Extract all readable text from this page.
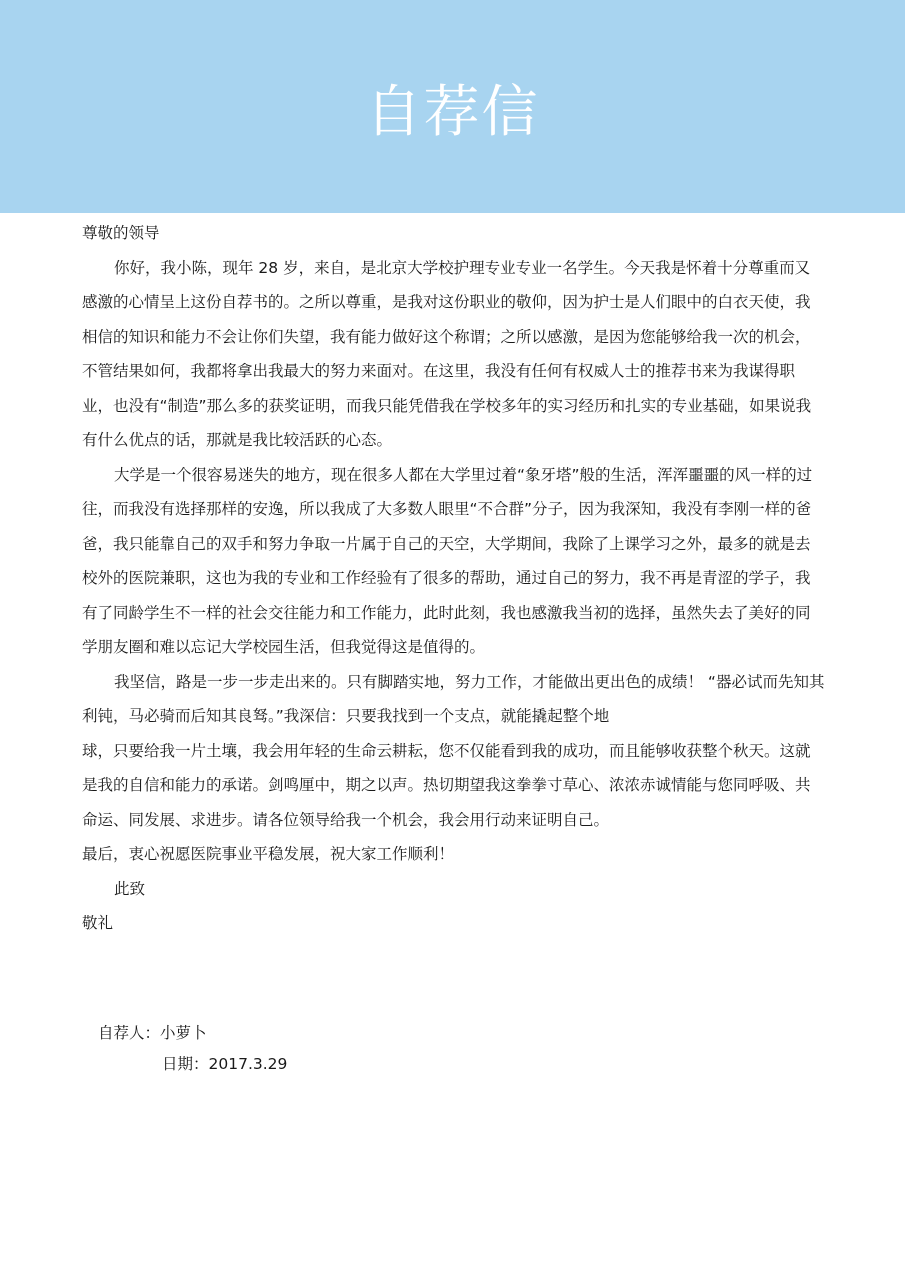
自荐信

尊敬的领导

你好，我小陈，现年 28 岁，来自，是北京大学校护理专业专业一名学生。今天我是怀着十分尊重而又感激的心情呈上这份自荐书的。之所以尊重，是我对这份职业的敬仰，因为护士是人们眼中的白衣天使，我相信的知识和能力不会让你们失望，我有能力做好这个称谓；之所以感激，是因为您能够给我一次的机会，不管结果如何，我都将拿出我最大的努力来面对。在这里，我没有任何有权威人士的推荐书来为我谋得职业，也没有“制造”那么多的获奖证明，而我只能凭借我在学校多年的实习经历和扎实的专业基础，如果说我有什么优点的话，那就是我比较活跃的心态。

大学是一个很容易迷失的地方，现在很多人都在大学里过着“象牙塔”般的生活，浑浑噩噩的风一样的过往，而我没有选择那样的安逸，所以我成了大多数人眼里“不合群”分子，因为我深知，我没有李刚一样的爸爸，我只能靠自己的双手和努力争取一片属于自己的天空，大学期间，我除了上课学习之外，最多的就是去校外的医院兼职，这也为我的专业和工作经验有了很多的帮助，通过自己的努力，我不再是青涩的学子，我有了同龄学生不一样的社会交往能力和工作能力，此时此刻，我也感激我当初的选择，虽然失去了美好的同学朋友圈和难以忘记大学校园生活，但我觉得这是值得的。

我坚信，路是一步一步走出来的。只有脚踏实地，努力工作，才能做出更出色的成绩！ “器必试而先知其利钝，马必骑而后知其良驽。”我深信：只要我找到一个支点，就能撬起整个地

球，只要给我一片土壤，我会用年轻的生命云耕耘，您不仅能看到我的成功，而且能够收获整个秋天。这就是我的自信和能力的承诺。剑鸣厘中，期之以声。热切期望我这拳拳寸草心、浓浓赤诚情能与您同呼吸、共命运、同发展、求进步。请各位领导给我一个机会，我会用行动来证明自己。

最后，衷心祝愿医院事业平稳发展，祝大家工作顺利！

此致

敬礼

自荐人：小萝卜
日期：2017.3.29
